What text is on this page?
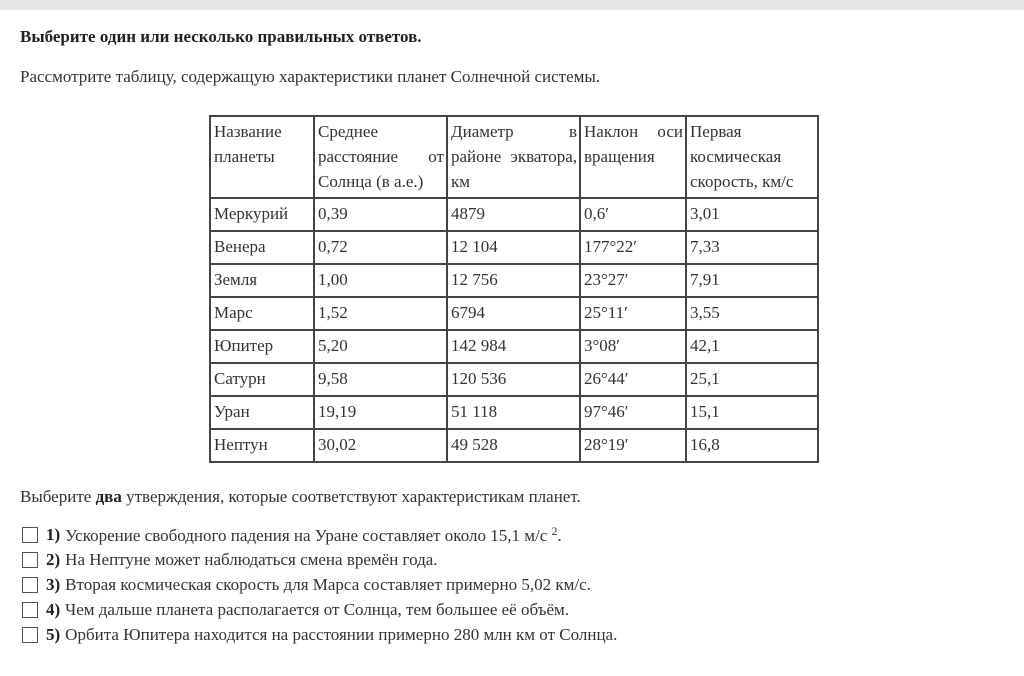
Выберите один или несколько правильных ответов.
Рассмотрите таблицу, содержащую характеристики планет Солнечной системы.
Название планеты	Среднее расстояние от Солнца (в а.е.)	Диаметр в районе экватора, км	Наклон оси вращения	Первая космическая скорость, км/с
Меркурий	0,39	4879	0,6′	3,01
Венера	0,72	12 104	177°22′	7,33
Земля	1,00	12 756	23°27′	7,91
Марс	1,52	6794	25°11′	3,55
Юпитер	5,20	142 984	3°08′	42,1
Сатурн	9,58	120 536	26°44′	25,1
Уран	19,19	51 118	97°46′	15,1
Нептун	30,02	49 528	28°19′	16,8
Выберите два утверждения, которые соответствуют характеристикам планет.
1) Ускорение свободного падения на Уране составляет около 15,1 м/с $^2$.
2) На Нептуне может наблюдаться смена времён года.
3) Вторая космическая скорость для Марса составляет примерно 5,02 км/с.
4) Чем дальше планета располагается от Солнца, тем большее её объём.
5) Орбита Юпитера находится на расстоянии примерно 280 млн км от Солнца.
